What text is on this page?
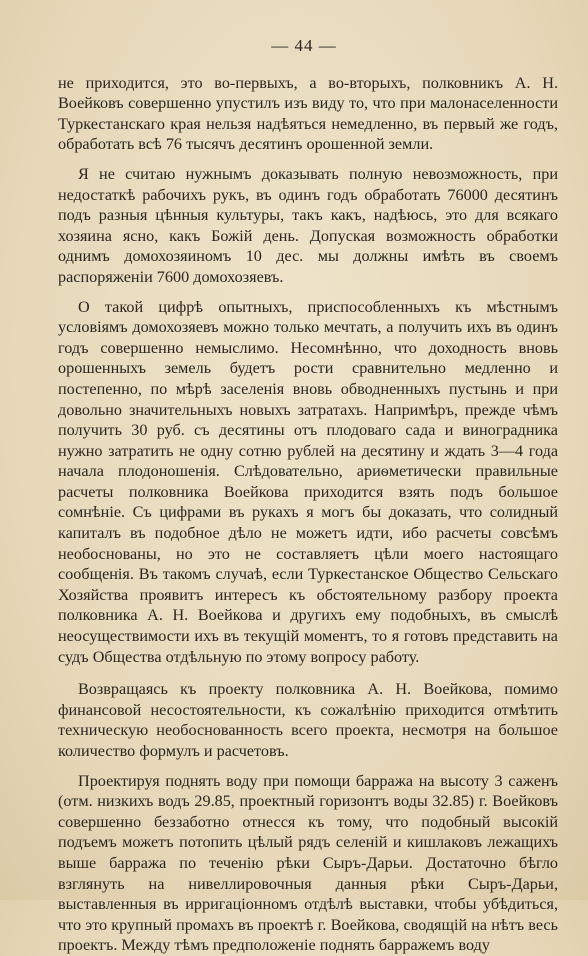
— 44 —

не приходится, это во-первыхъ, а во-вторыхъ, полковникъ А. Н. Воейковъ совершенно упустилъ изъ виду то, что при малонаселенности Туркестанскаго края нельзя надѣяться немедленно, въ первый же годъ, обработать всѣ 76 тысячъ десятинъ орошенной земли.

Я не считаю нужнымъ доказывать полную невозможность, при недостаткѣ рабочихъ рукъ, въ одинъ годъ обработать 76000 десятинъ подъ разныя цѣнныя культуры, такъ какъ, надѣюсь, это для всякаго хозяина ясно, какъ Божій день. Допуская возможность обработки однимъ домохозяиномъ 10 дес. мы должны имѣть въ своемъ распоряженіи 7600 домохозяевъ.

О такой цифрѣ опытныхъ, приспособленныхъ къ мѣстнымъ условіямъ домохозяевъ можно только мечтать, а получить ихъ въ одинъ годъ совершенно немыслимо. Несомнѣнно, что доходность вновь орошенныхъ земель будетъ рости сравнительно медленно и постепенно, по мѣрѣ заселенія вновь обводненныхъ пустынь и при довольно значительныхъ новыхъ затратахъ. Напримѣръ, прежде чѣмъ получить 30 руб. съ десятины отъ плодоваго сада и виноградника нужно затратить не одну сотню рублей на десятину и ждать 3—4 года начала плодоношенія. Слѣдовательно, ариѳметически правильные расчеты полковника Воейкова приходится взять подъ большое сомнѣніе. Съ цифрами въ рукахъ я могъ бы доказать, что солидный капиталъ въ подобное дѣло не можетъ идти, ибо расчеты совсѣмъ необоснованы, но это не составляетъ цѣли моего настоящаго сообщенія. Въ такомъ случаѣ, если Туркестанское Общество Сельскаго Хозяйства проявитъ интересъ къ обстоятельному разбору проекта полковника А. Н. Воейкова и другихъ ему подобныхъ, въ смыслѣ неосуществимости ихъ въ текущій моментъ, то я готовъ представить на судъ Общества отдѣльную по этому вопросу работу.

Возвращаясь къ проекту полковника А. Н. Воейкова, помимо финансовой несостоятельности, къ сожалѣнію приходится отмѣтить техническую необоснованность всего проекта, несмотря на большое количество формулъ и расчетовъ.

Проектируя поднять воду при помощи барража на высоту 3 саженъ (отм. низкихъ водъ 29.85, проектный горизонтъ воды 32.85) г. Воейковъ совершенно беззаботно отнесся къ тому, что подобный высокій подъемъ можетъ потопить цѣлый рядъ селеній и кишлаковъ лежащихъ выше барража по теченію рѣки Сыръ-Дарьи. Достаточно бѣгло взглянуть на нивеллировочныя данныя рѣки Сыръ-Дарьи, выставленныя въ ирригаціонномъ отдѣлѣ выставки, чтобы убѣдиться, что это крупный промахъ въ проектѣ г. Воейкова, сводящій на нѣтъ весь проектъ. Между тѣмъ предположеніе поднять барражемъ воду
